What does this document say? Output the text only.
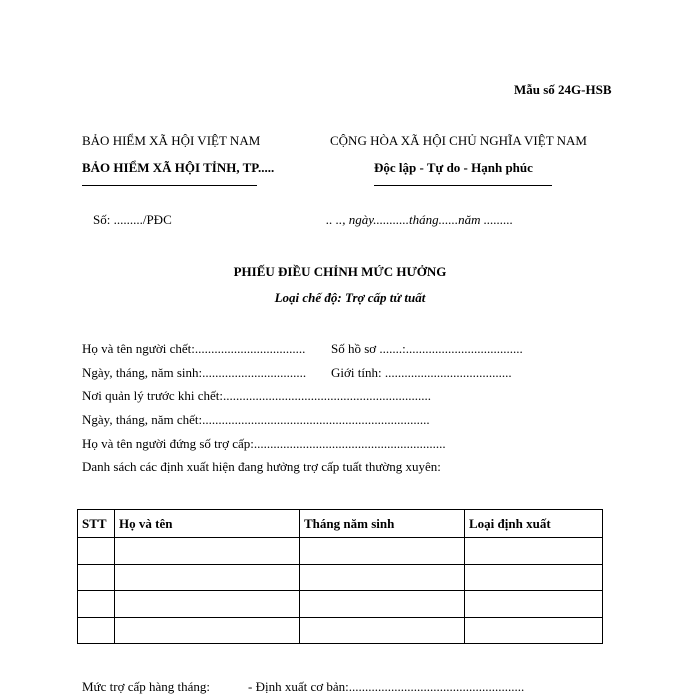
Mẫu số 24G-HSB
BẢO HIỂM XÃ HỘI VIỆT NAM
BẢO HIỂM XÃ HỘI TỈNH, TP.....
CỘNG HÒA XÃ HỘI CHỦ NGHĨA VIỆT NAM
Độc lập - Tự do - Hạnh phúc
Số: ........./PĐC	.. .., ngày...........tháng......năm .........
PHIẾU ĐIỀU CHỈNH MỨC HƯỞNG
Loại chế độ: Trợ cấp tử tuất
Họ và tên người chết:.................................. Số hồ sơ .......:....................................
Ngày, tháng, năm sinh:................................ Giới tính: .......................................
Nơi quản lý trước khi chết:................................................................
Ngày, tháng, năm chết:......................................................................
Họ và tên người đứng số trợ cấp:...........................................................
Danh sách các định xuất hiện đang hưởng trợ cấp tuất thường xuyên:
STT	Họ và tên	Tháng năm sinh	Loại định xuất

Mức trợ cấp hàng tháng:	- Định xuất cơ bản:......................................................
